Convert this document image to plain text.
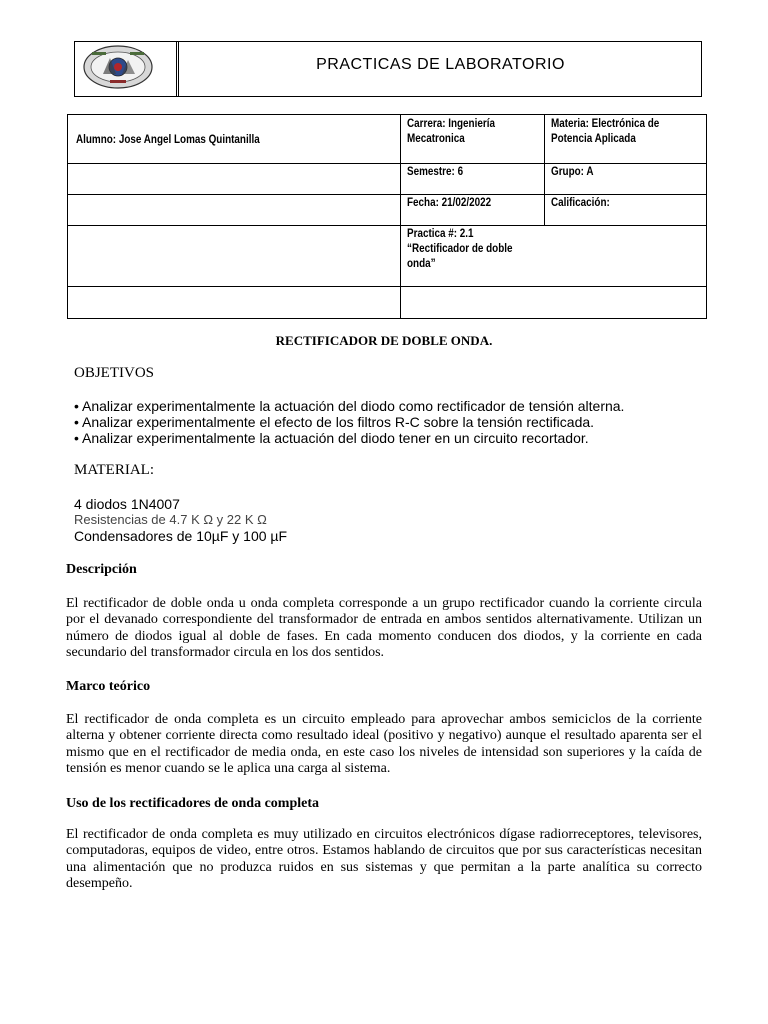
PRACTICAS DE LABORATORIO
Alumno: Jose Angel Lomas Quintanilla
Carrera: Ingeniería
Mecatronica
Materia: Electrónica de
Potencia Aplicada
Semestre: 6	Grupo: A
Fecha: 21/02/2022	Calificación:
Practica #: 2.1
“Rectificador de doble
onda”
RECTIFICADOR DE DOBLE ONDA.
OBJETIVOS
• Analizar experimentalmente la actuación del diodo como rectificador de tensión alterna.
• Analizar experimentalmente el efecto de los filtros R-C sobre la tensión rectificada.
• Analizar experimentalmente la actuación del diodo tener en un circuito recortador.
MATERIAL:
4 diodos 1N4007
Resistencias de 4.7 K Ω y 22 K Ω
Condensadores de 10µF y 100 µF
Descripción
El rectificador de doble onda u onda completa corresponde a un grupo rectificador cuando la corriente circula por el devanado correspondiente del transformador de entrada en ambos sentidos alternativamente. Utilizan un número de diodos igual al doble de fases. En cada momento conducen dos diodos, y la corriente en cada secundario del transformador circula en los dos sentidos.
Marco teórico
El rectificador de onda completa es un circuito empleado para aprovechar ambos semiciclos de la corriente alterna y obtener corriente directa como resultado ideal (positivo y negativo) aunque el resultado aparenta ser el mismo que en el rectificador de media onda, en este caso los niveles de intensidad son superiores y la caída de tensión es menor cuando se le aplica una carga al sistema.
Uso de los rectificadores de onda completa
El rectificador de onda completa es muy utilizado en circuitos electrónicos dígase radiorreceptores, televisores, computadoras, equipos de video, entre otros. Estamos hablando de circuitos que por sus características necesitan una alimentación que no produzca ruidos en sus sistemas y que permitan a la parte analítica su correcto desempeño.
